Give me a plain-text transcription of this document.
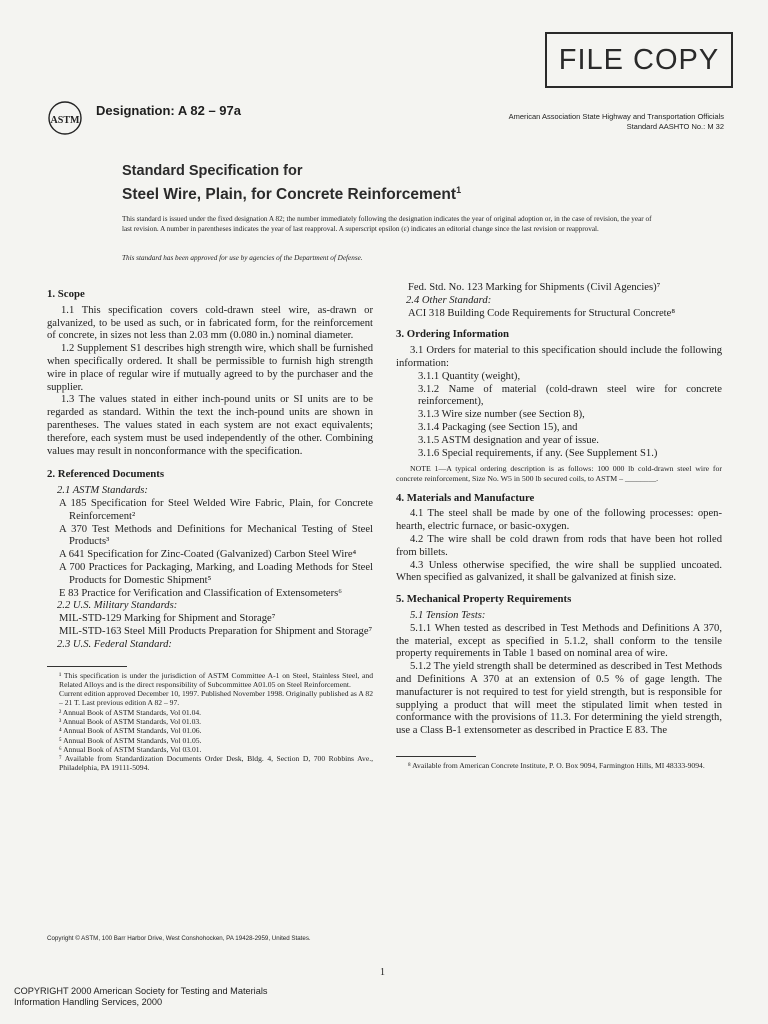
FILE COPY
ASTM
Designation: A 82 – 97a	American Association State Highway and Transportation Officials
Standard AASHTO No.: M 32
Standard Specification for
Steel Wire, Plain, for Concrete Reinforcement$^1$
This standard is issued under the fixed designation A 82; the number immediately following the designation indicates the year of original adoption or, in the case of revision, the year of last revision. A number in parentheses indicates the year of last reapproval. A superscript epsilon (ε) indicates an editorial change since the last revision or reapproval.
This standard has been approved for use by agencies of the Department of Defense.
1. Scope

1.1 This specification covers cold-drawn steel wire, as-drawn or galvanized, to be used as such, or in fabricated form, for the reinforcement of concrete, in sizes not less than 2.03 mm (0.080 in.) nominal diameter.

1.2 Supplement S1 describes high strength wire, which shall be furnished when specifically ordered. It shall be permissible to furnish high strength wire in place of regular wire if mutually agreed to by the purchaser and the supplier.

1.3 The values stated in either inch-pound units or SI units are to be regarded as standard. Within the text the inch-pound units are shown in parentheses. The values stated in each system are not exact equivalents; therefore, each system must be used independently of the other. Combining values may result in nonconformance with the specification.

2. Referenced Documents

2.1 ASTM Standards:

A 185 Specification for Steel Welded Wire Fabric, Plain, for Concrete Reinforcement²

A 370 Test Methods and Definitions for Mechanical Testing of Steel Products³

A 641 Specification for Zinc-Coated (Galvanized) Carbon Steel Wire⁴

A 700 Practices for Packaging, Marking, and Loading Methods for Steel Products for Domestic Shipment⁵

E 83 Practice for Verification and Classification of Extensometers⁶

2.2 U.S. Military Standards:

MIL-STD-129 Marking for Shipment and Storage⁷

MIL-STD-163 Steel Mill Products Preparation for Shipment and Storage⁷

2.3 U.S. Federal Standard:

¹ This specification is under the jurisdiction of ASTM Committee A-1 on Steel, Stainless Steel, and Related Alloys and is the direct responsibility of Subcommittee A01.05 on Steel Reinforcement.

Current edition approved December 10, 1997. Published November 1998. Originally published as A 82 – 21 T. Last previous edition A 82 – 97.

² Annual Book of ASTM Standards, Vol 01.04.

³ Annual Book of ASTM Standards, Vol 01.03.

⁴ Annual Book of ASTM Standards, Vol 01.06.

⁵ Annual Book of ASTM Standards, Vol 01.05.

⁶ Annual Book of ASTM Standards, Vol 03.01.

⁷ Available from Standardization Documents Order Desk, Bldg. 4, Section D, 700 Robbins Ave., Philadelphia, PA 19111-5094.

Fed. Std. No. 123 Marking for Shipments (Civil Agencies)⁷

2.4 Other Standard:

ACI 318 Building Code Requirements for Structural Concrete⁸

3. Ordering Information

3.1 Orders for material to this specification should include the following information:

3.1.1 Quantity (weight),

3.1.2 Name of material (cold-drawn steel wire for concrete reinforcement),

3.1.3 Wire size number (see Section 8),

3.1.4 Packaging (see Section 15), and

3.1.5 ASTM designation and year of issue.

3.1.6 Special requirements, if any. (See Supplement S1.)

NOTE 1—A typical ordering description is as follows: 100 000 lb cold-drawn steel wire for concrete reinforcement, Size No. W5 in 500 lb secured coils, to ASTM – ________.

4. Materials and Manufacture

4.1 The steel shall be made by one of the following processes: open-hearth, electric furnace, or basic-oxygen.

4.2 The wire shall be cold drawn from rods that have been hot rolled from billets.

4.3 Unless otherwise specified, the wire shall be supplied uncoated. When specified as galvanized, it shall be galvanized at finish size.

5. Mechanical Property Requirements

5.1 Tension Tests:

5.1.1 When tested as described in Test Methods and Definitions A 370, the material, except as specified in 5.1.2, shall conform to the tensile property requirements in Table 1 based on nominal area of wire.

5.1.2 The yield strength shall be determined as described in Test Methods and Definitions A 370 at an extension of 0.5 % of gage length. The manufacturer is not required to test for yield strength, but is responsible for supplying a product that will meet the stipulated limit when tested in conformance with the provisions of 11.3. For determining the yield strength, use a Class B-1 extensometer as described in Practice E 83. The

⁸ Available from American Concrete Institute, P. O. Box 9094, Farmington Hills, MI 48333-9094.

Copyright © ASTM, 100 Barr Harbor Drive, West Conshohocken, PA 19428-2959, United States.
1
COPYRIGHT 2000 American Society for Testing and Materials
Information Handling Services, 2000
